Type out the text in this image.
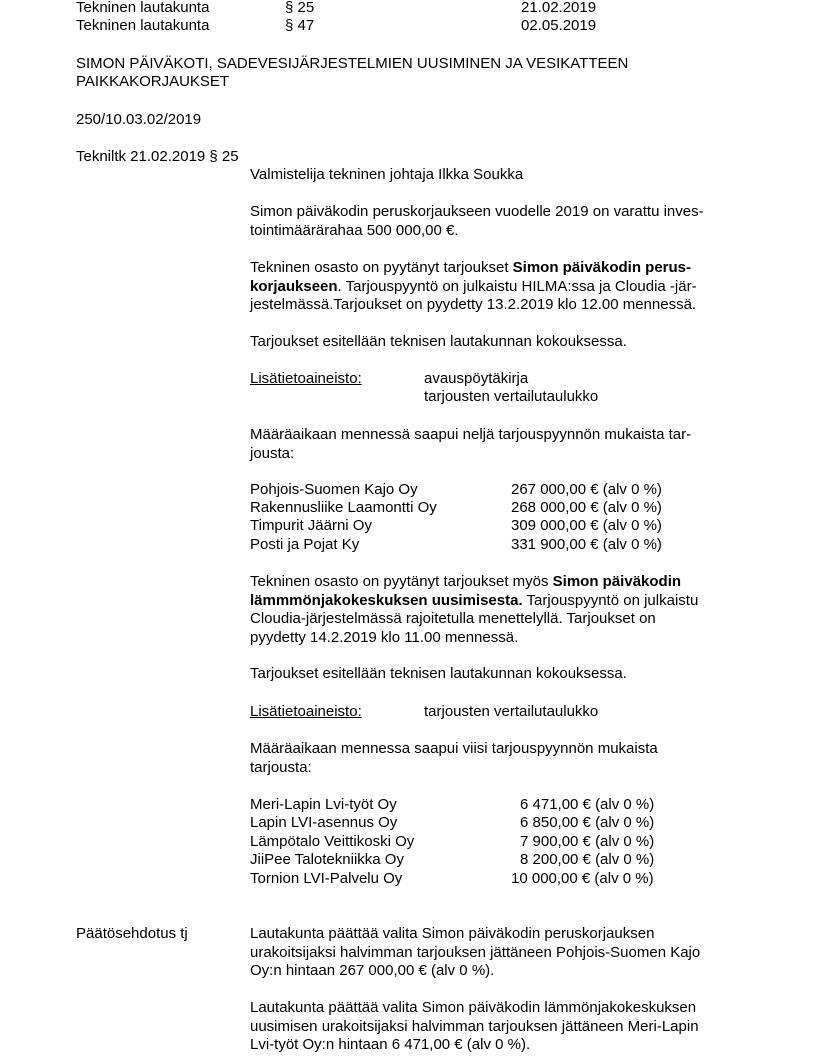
Tekninen lautakunta	§ 25	21.02.2019
Tekninen lautakunta	§ 47	02.05.2019
SIMON PÄIVÄKOTI, SADEVESIJÄRJESTELMIEN UUSIMINEN JA VESIKATTEEN
PAIKKAKORJAUKSET
250/10.03.02/2019
Tekniltk 21.02.2019 § 25
Valmistelija tekninen johtaja Ilkka Soukka
Simon päiväkodin peruskorjaukseen vuodelle 2019 on varattu inves-
tointimäärärahaa 500 000,00 €.
Tekninen osasto on pyytänyt tarjoukset Simon päiväkodin perus-
korjaukseen. Tarjouspyyntö on julkaistu HILMA:ssa ja Cloudia -jär-
jestelmässä.Tarjoukset on pyydetty 13.2.2019 klo 12.00 mennessä.
Tarjoukset esitellään teknisen lautakunnan kokouksessa.
Lisätietoaineisto:	avauspöytäkirja
tarjousten vertailutaulukko
Määräaikaan mennessä saapui neljä tarjouspyynnön mukaista tar-
jousta:
Pohjois-Suomen Kajo Oy	267 000,00 € (alv 0 %)
Rakennusliike Laamontti Oy	268 000,00 € (alv 0 %)
Timpurit Jäärni Oy	309 000,00 € (alv 0 %)
Posti ja Pojat Ky	331 900,00 € (alv 0 %)
Tekninen osasto on pyytänyt tarjoukset myös Simon päiväkodin
lämmmönjakokeskuksen uusimisesta. Tarjouspyyntö on julkaistu
Cloudia-järjestelmässä rajoitetulla menettelyllä. Tarjoukset on
pyydetty 14.2.2019 klo 11.00 mennessä.
Tarjoukset esitellään teknisen lautakunnan kokouksessa.
Lisätietoaineisto:	tarjousten vertailutaulukko
Määräaikaan mennessa saapui viisi tarjouspyynnön mukaista
tarjousta:
Meri-Lapin Lvi-työt Oy	6 471,00 € (alv 0 %)
Lapin LVI-asennus Oy	6 850,00 € (alv 0 %)
Lämpötalo Veittikoski Oy	7 900,00 € (alv 0 %)
JiiPee Talotekniikka Oy	8 200,00 € (alv 0 %)
Tornion LVI-Palvelu Oy	10 000,00 € (alv 0 %)
Päätösehdotus tj	Lautakunta päättää valita Simon päiväkodin peruskorjauksen
urakoitsijaksi halvimman tarjouksen jättäneen Pohjois-Suomen Kajo
Oy:n hintaan 267 000,00 € (alv 0 %).
Lautakunta päättää valita Simon päiväkodin lämmönjakokeskuksen
uusimisen urakoitsijaksi halvimman tarjouksen jättäneen Meri-Lapin
Lvi-työt Oy:n hintaan 6 471,00 € (alv 0 %).
